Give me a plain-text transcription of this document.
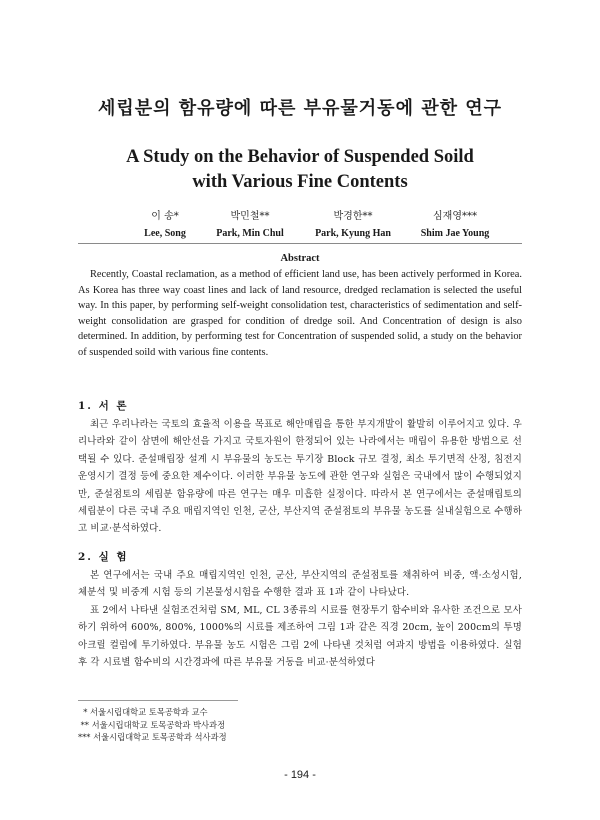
세립분의 함유량에 따른 부유물거동에 관한 연구
A Study on the Behavior of Suspended Soild
with Various Fine Contents
이 송*
Lee, Song
박민철**
Park, Min Chul
박경한**
Park, Kyung Han
심재영***
Shim Jae Young
Abstract

Recently, Coastal reclamation, as a method of efficient land use, has been actively performed in Korea. As Korea has three way coast lines and lack of land resource, dredged reclamation is selected the useful way. In this paper, by performing self-weight consolidation test, characteristics of sedimentation and self-weight consolidation are grasped for condition of dredge soil. And Concentration of design is also determined. In addition, by performing test for Concentration of suspended solid, a study on the behavior of suspended soild with various fine contents.

1. 서 론

최근 우리나라는 국토의 효율적 이용을 목표로 해안매립을 통한 부지개발이 활발히 이루어지고 있다. 우리나라와 같이 삼면에 해안선을 가지고 국토자원이 한정되어 있는 나라에서는 매립이 유용한 방법으로 선택될 수 있다. 준설매립장 설계 시 부유물의 농도는 투기장 Block 규모 결정, 최소 투기면적 산정, 침전지 운영시기 결정 등에 중요한 제수이다. 이러한 부유물 농도에 관한 연구와 실험은 국내에서 많이 수행되었지만, 준설점토의 세립분 함유량에 따른 연구는 매우 미흡한 실정이다. 따라서 본 연구에서는 준설매립토의 세립분이 다른 국내 주요 매립지역인 인천, 군산, 부산지역 준설점토의 부유물 농도를 실내실험으로 수행하고 비교·분석하였다.

2. 실 험

본 연구에서는 국내 주요 매립지역인 인천, 군산, 부산지역의 준설점토를 채취하여 비중, 액·소성시험, 체분석 및 비중계 시험 등의 기본물성시험을 수행한 결과 표 1과 같이 나타났다.

표 2에서 나타낸 실험조건처럼 SM, ML, CL 3종류의 시료를 현장투기 함수비와 유사한 조건으로 모사하기 위하여 600%, 800%, 1000%의 시료를 제조하여 그림 1과 같은 직경 20cm, 높이 200cm의 투명아크릴 컬럼에 투기하였다. 부유물 농도 시험은 그림 2에 나타낸 것처럼 여과지 방법을 이용하였다. 실험 후 각 시료별 함수비의 시간경과에 따른 부유물 거동을 비교·분석하였다

* 서울시립대학교 토목공학과 교수
** 서울시립대학교 토목공학과 박사과정
*** 서울시립대학교 토목공학과 석사과정
- 194 -
